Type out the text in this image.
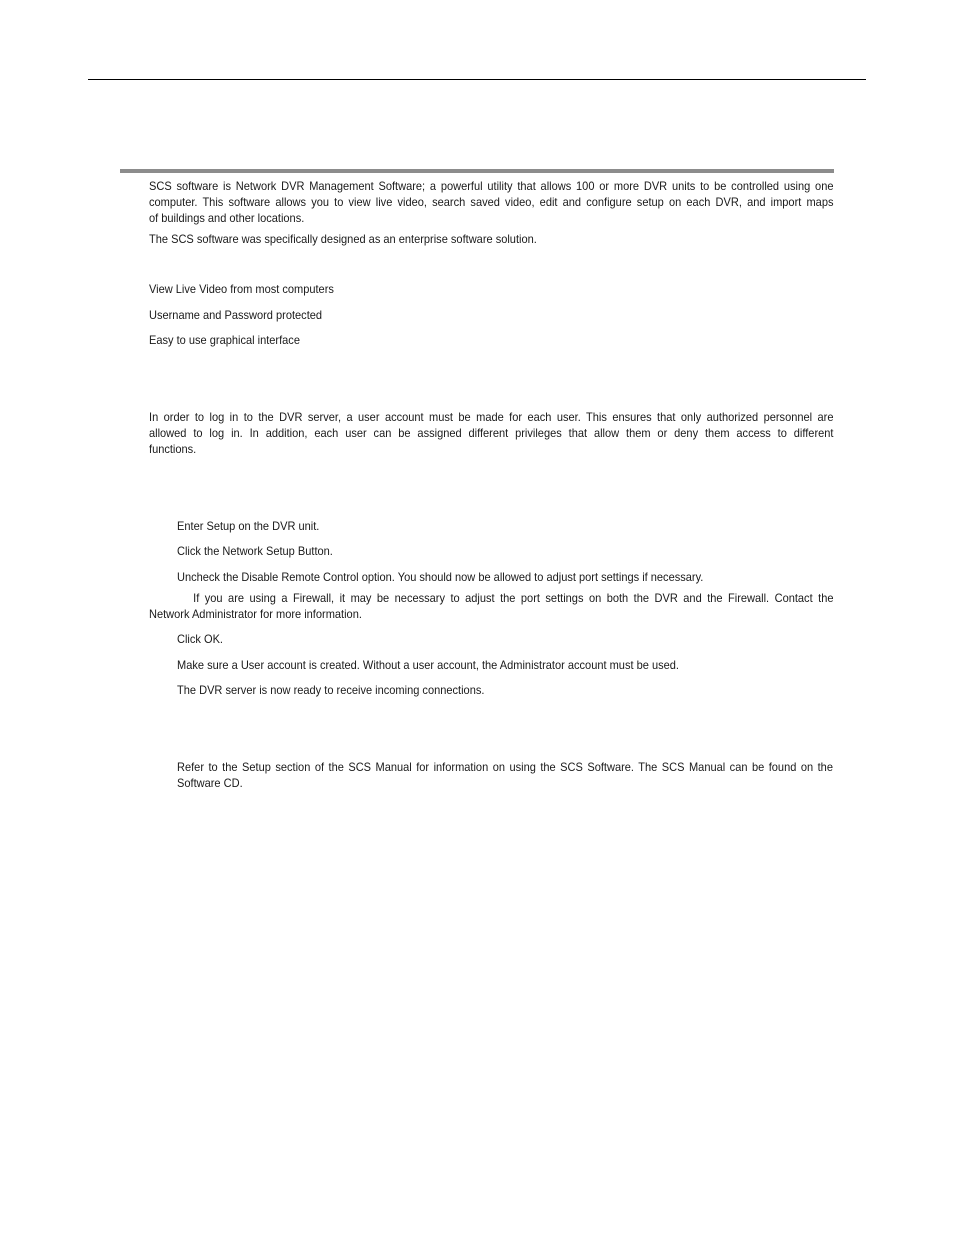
SCS software is Network DVR Management Software; a powerful utility that allows 100 or more DVR units to be controlled using one
computer. This software allows you to view live video, search saved video, edit and configure setup on each DVR, and import maps
of buildings and other locations.

The SCS software was specifically designed as an enterprise software solution.

View Live Video from most computers

Username and Password protected

Easy to use graphical interface

In order to log in to the DVR server, a user account must be made for each user. This ensures that only authorized personnel are
allowed to log in. In addition, each user can be assigned different privileges that allow them or deny them access to different
functions.

Enter Setup on the DVR unit.

Click the Network Setup Button.

Uncheck the Disable Remote Control option. You should now be allowed to adjust port settings if necessary.

If you are using a Firewall, it may be necessary to adjust the port settings on both the DVR and the Firewall. Contact the
Network Administrator for more information.

Click OK.

Make sure a User account is created. Without a user account, the Administrator account must be used.

The DVR server is now ready to receive incoming connections.

Refer to the Setup section of the SCS Manual for information on using the SCS Software. The SCS Manual can be found on the
Software CD.
